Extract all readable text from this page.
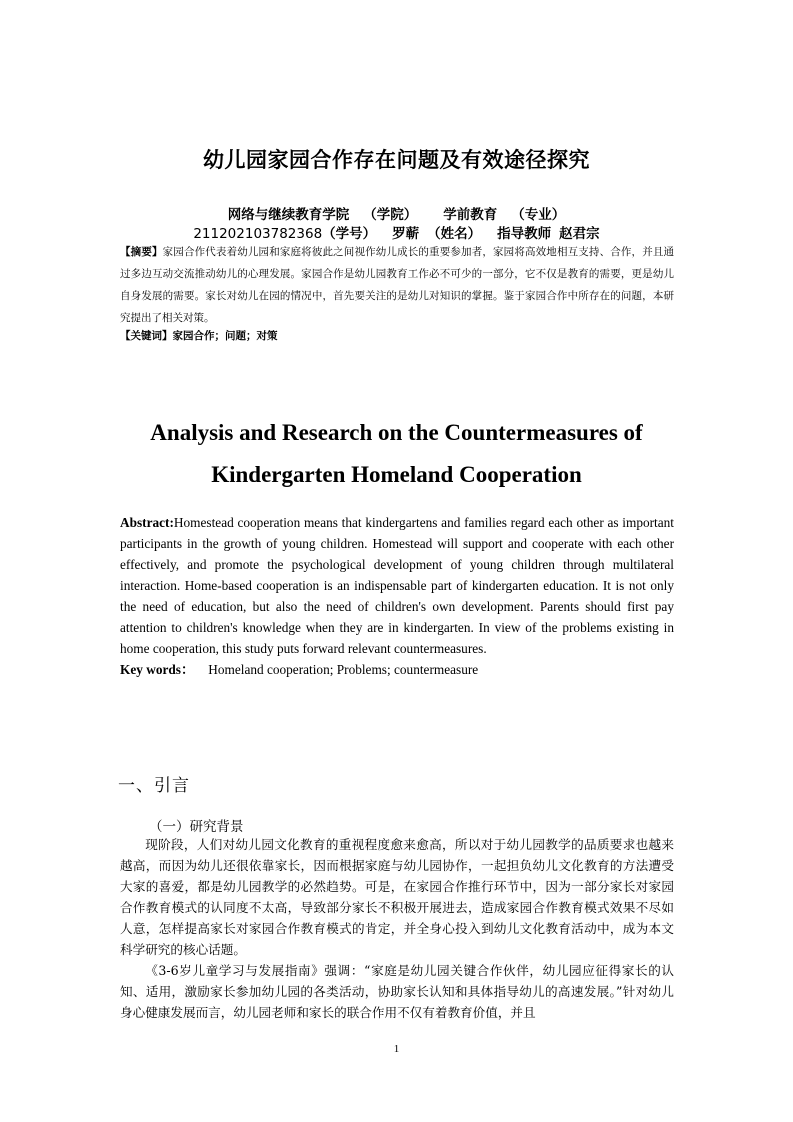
幼儿园家园合作存在问题及有效途径探究
网络与继续教育学院 （学院） 学前教育 （专业）
211202103782368（学号） 罗蕲 （姓名） 指导教师 赵君宗
【摘要】家园合作代表着幼儿园和家庭将彼此之间视作幼儿成长的重要参加者，家园将高效地相互支持、合作，并且通过多边互动交流推动幼儿的心理发展。家园合作是幼儿园教育工作必不可少的一部分，它不仅是教育的需要，更是幼儿自身发展的需要。家长对幼儿在园的情况中，首先要关注的是幼儿对知识的掌握。鉴于家园合作中所存在的问题，本研究提出了相关对策。
【关键词】家园合作；问题；对策
Analysis and Research on the Countermeasures of
Kindergarten Homeland Cooperation
Abstract:Homestead cooperation means that kindergartens and families regard each other as important participants in the growth of young children. Homestead will support and cooperate with each other effectively, and promote the psychological development of young children through multilateral interaction. Home-based cooperation is an indispensable part of kindergarten education. It is not only the need of education, but also the need of children's own development. Parents should first pay attention to children's knowledge when they are in kindergarten. In view of the problems existing in home cooperation, this study puts forward relevant countermeasures.
Key words： Homeland cooperation; Problems; countermeasure
一、引言
（一）研究背景

现阶段，人们对幼儿园文化教育的重视程度愈来愈高，所以对于幼儿园教学的品质要求也越来越高，而因为幼儿还很依靠家长，因而根据家庭与幼儿园协作，一起担负幼儿文化教育的方法遭受大家的喜爱，都是幼儿园教学的必然趋势。可是，在家园合作推行环节中，因为一部分家长对家园合作教育模式的认同度不太高，导致部分家长不积极开展进去，造成家园合作教育模式效果不尽如人意，怎样提高家长对家园合作教育模式的肯定，并全身心投入到幼儿文化教育活动中，成为本文科学研究的核心话题。

《3-6岁儿童学习与发展指南》强调：“家庭是幼儿园关键合作伙伴，幼儿园应征得家长的认知、适用，激励家长参加幼儿园的各类活动，协助家长认知和具体指导幼儿的高速发展。”针对幼儿身心健康发展而言，幼儿园老师和家长的联合作用不仅有着教育价值，并且

1
